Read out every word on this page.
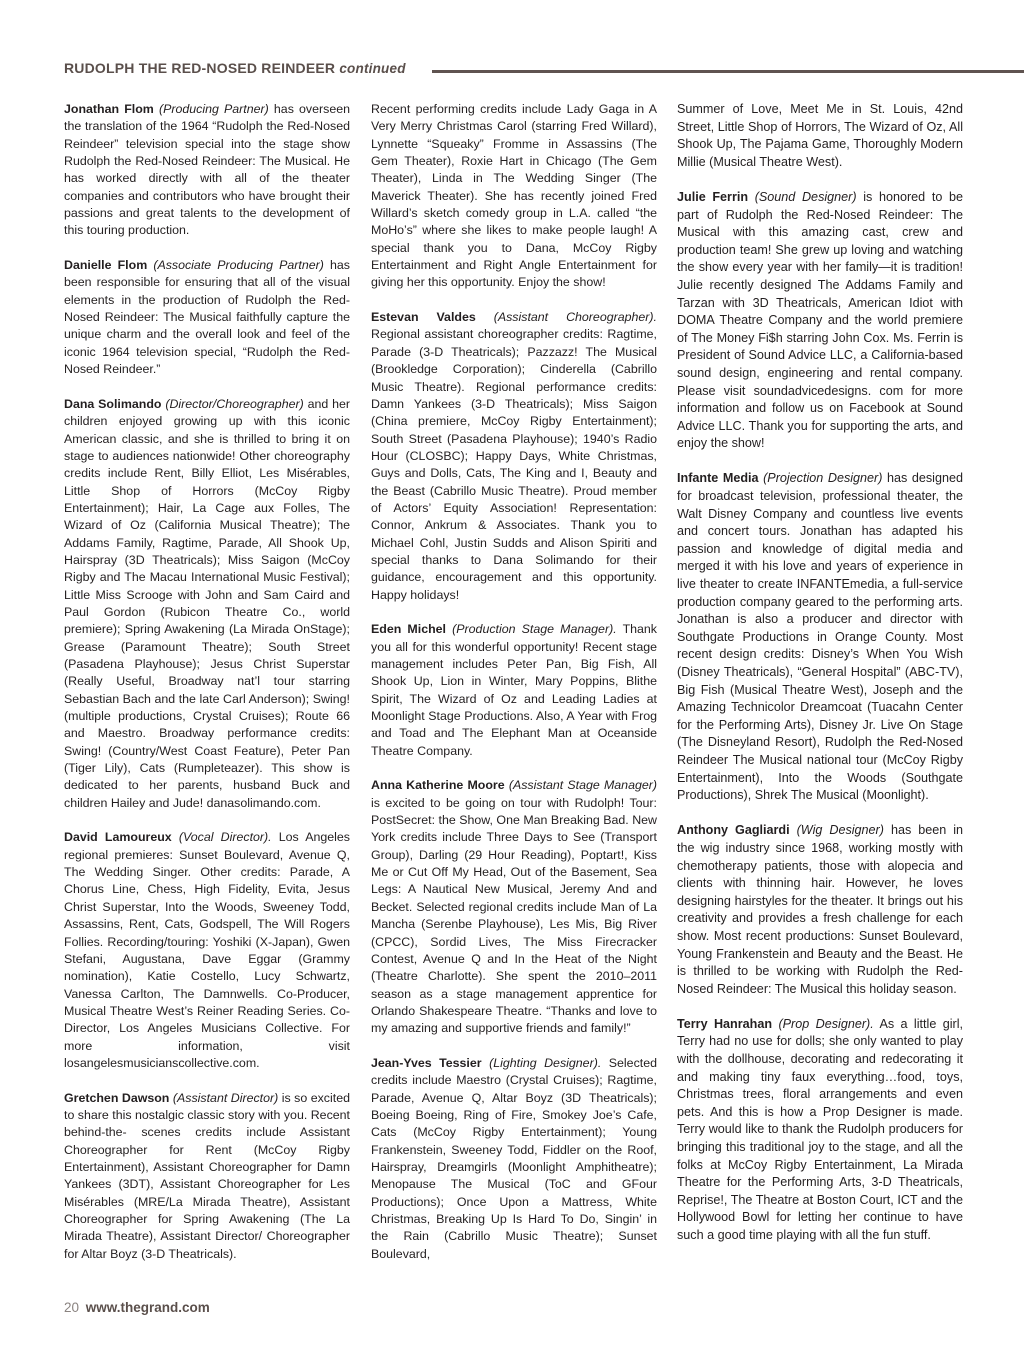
RUDOLPH THE RED-NOSED REINDEER continued

Jonathan Flom (Producing Partner) has overseen the translation of the 1964 “Rudolph the Red-Nosed Reindeer” television special into the stage show Rudolph the Red-Nosed Reindeer: The Musical. He has worked directly with all of the theater companies and contributors who have brought their passions and great talents to the development of this touring production.

Danielle Flom (Associate Producing Partner) has been responsible for ensuring that all of the visual elements in the production of Rudolph the Red-Nosed Reindeer: The Musical faithfully capture the unique charm and the overall look and feel of the iconic 1964 television special, “Rudolph the Red-Nosed Reindeer.”

Dana Solimando (Director/Choreographer) and her children enjoyed growing up with this iconic American classic, and she is thrilled to bring it on stage to audiences nationwide! Other choreography credits include Rent, Billy Elliot, Les Misérables, Little Shop of Horrors (McCoy Rigby Entertainment); Hair, La Cage aux Folles, The Wizard of Oz (California Musical Theatre); The Addams Family, Ragtime, Parade, All Shook Up, Hairspray (3D Theatricals); Miss Saigon (McCoy Rigby and The Macau International Music Festival); Little Miss Scrooge with John and Sam Caird and Paul Gordon (Rubicon Theatre Co., world premiere); Spring Awakening (La Mirada OnStage); Grease (Paramount Theatre); South Street (Pasadena Playhouse); Jesus Christ Superstar (Really Useful, Broadway nat’l tour starring Sebastian Bach and the late Carl Anderson); Swing! (multiple productions, Crystal Cruises); Route 66 and Maestro. Broadway performance credits: Swing! (Country/West Coast Feature), Peter Pan (Tiger Lily), Cats (Rumpleteazer). This show is dedicated to her parents, husband Buck and children Hailey and Jude! danasolimando.com.

David Lamoureux (Vocal Director). Los Angeles regional premieres: Sunset Boulevard, Avenue Q, The Wedding Singer. Other credits: Parade, A Chorus Line, Chess, High Fidelity, Evita, Jesus Christ Superstar, Into the Woods, Sweeney Todd, Assassins, Rent, Cats, Godspell, The Will Rogers Follies. Recording/touring: Yoshiki (X-Japan), Gwen Stefani, Augustana, Dave Eggar (Grammy nomination), Katie Costello, Lucy Schwartz, Vanessa Carlton, The Damnwells. Co-Producer, Musical Theatre West’s Reiner Reading Series. Co-Director, Los Angeles Musicians Collective. For more information, visit losangelesmusicianscollective.com.

Gretchen Dawson (Assistant Director) is so excited to share this nostalgic classic story with you. Recent behind-the- scenes credits include Assistant Choreographer for Rent (McCoy Rigby Entertainment), Assistant Choreographer for Damn Yankees (3DT), Assistant Choreographer for Les Misérables (MRE/La Mirada Theatre), Assistant Choreographer for Spring Awakening (The La Mirada Theatre), Assistant Director/ Choreographer for Altar Boyz (3-D Theatricals).

Recent performing credits include Lady Gaga in A Very Merry Christmas Carol (starring Fred Willard), Lynnette “Squeaky” Fromme in Assassins (The Gem Theater), Roxie Hart in Chicago (The Gem Theater), Linda in The Wedding Singer (The Maverick Theater). She has recently joined Fred Willard’s sketch comedy group in L.A. called “the MoHo’s” where she likes to make people laugh! A special thank you to Dana, McCoy Rigby Entertainment and Right Angle Entertainment for giving her this opportunity. Enjoy the show!

Estevan Valdes (Assistant Choreographer). Regional assistant choreographer credits: Ragtime, Parade (3-D Theatricals); Pazzazz! The Musical (Brookledge Corporation); Cinderella (Cabrillo Music Theatre). Regional performance credits: Damn Yankees (3-D Theatricals); Miss Saigon (China premiere, McCoy Rigby Entertainment); South Street (Pasadena Playhouse); 1940’s Radio Hour (CLOSBC); Happy Days, White Christmas, Guys and Dolls, Cats, The King and I, Beauty and the Beast (Cabrillo Music Theatre). Proud member of Actors’ Equity Association! Representation: Connor, Ankrum & Associates. Thank you to Michael Cohl, Justin Sudds and Alison Spiriti and special thanks to Dana Solimando for their guidance, encouragement and this opportunity. Happy holidays!

Eden Michel (Production Stage Manager). Thank you all for this wonderful opportunity! Recent stage management includes Peter Pan, Big Fish, All Shook Up, Lion in Winter, Mary Poppins, Blithe Spirit, The Wizard of Oz and Leading Ladies at Moonlight Stage Productions. Also, A Year with Frog and Toad and The Elephant Man at Oceanside Theatre Company.

Anna Katherine Moore (Assistant Stage Manager) is excited to be going on tour with Rudolph! Tour: PostSecret: the Show, One Man Breaking Bad. New York credits include Three Days to See (Transport Group), Darling (29 Hour Reading), Poptart!, Kiss Me or Cut Off My Head, Out of the Basement, Sea Legs: A Nautical New Musical, Jeremy And and Becket. Selected regional credits include Man of La Mancha (Serenbe Playhouse), Les Mis, Big River (CPCC), Sordid Lives, The Miss Firecracker Contest, Avenue Q and In the Heat of the Night (Theatre Charlotte). She spent the 2010–2011 season as a stage management apprentice for Orlando Shakespeare Theatre. “Thanks and love to my amazing and supportive friends and family!”

Jean-Yves Tessier (Lighting Designer). Selected credits include Maestro (Crystal Cruises); Ragtime, Parade, Avenue Q, Altar Boyz (3D Theatricals); Boeing Boeing, Ring of Fire, Smokey Joe’s Cafe, Cats (McCoy Rigby Entertainment); Young Frankenstein, Sweeney Todd, Fiddler on the Roof, Hairspray, Dreamgirls (Moonlight Amphitheatre); Menopause The Musical (ToC and GFour Productions); Once Upon a Mattress, White Christmas, Breaking Up Is Hard To Do, Singin’ in the Rain (Cabrillo Music Theatre); Sunset Boulevard,

Summer of Love, Meet Me in St. Louis, 42nd Street, Little Shop of Horrors, The Wizard of Oz, All Shook Up, The Pajama Game, Thoroughly Modern Millie (Musical Theatre West).

Julie Ferrin (Sound Designer) is honored to be part of Rudolph the Red-Nosed Reindeer: The Musical with this amazing cast, crew and production team! She grew up loving and watching the show every year with her family—it is tradition! Julie recently designed The Addams Family and Tarzan with 3D Theatricals, American Idiot with DOMA Theatre Company and the world premiere of The Money Fi$h starring John Cox. Ms. Ferrin is President of Sound Advice LLC, a California-based sound design, engineering and rental company. Please visit soundadvicedesigns. com for more information and follow us on Facebook at Sound Advice LLC. Thank you for supporting the arts, and enjoy the show!

Infante Media (Projection Designer) has designed for broadcast television, professional theater, the Walt Disney Company and countless live events and concert tours. Jonathan has adapted his passion and knowledge of digital media and merged it with his love and years of experience in live theater to create INFANTEmedia, a full-service production company geared to the performing arts. Jonathan is also a producer and director with Southgate Productions in Orange County. Most recent design credits: Disney’s When You Wish (Disney Theatricals), “General Hospital” (ABC-TV), Big Fish (Musical Theatre West), Joseph and the Amazing Technicolor Dreamcoat (Tuacahn Center for the Performing Arts), Disney Jr. Live On Stage (The Disneyland Resort), Rudolph the Red-Nosed Reindeer The Musical national tour (McCoy Rigby Entertainment), Into the Woods (Southgate Productions), Shrek The Musical (Moonlight).

Anthony Gagliardi (Wig Designer) has been in the wig industry since 1968, working mostly with chemotherapy patients, those with alopecia and clients with thinning hair. However, he loves designing hairstyles for the theater. It brings out his creativity and provides a fresh challenge for each show. Most recent productions: Sunset Boulevard, Young Frankenstein and Beauty and the Beast. He is thrilled to be working with Rudolph the Red-Nosed Reindeer: The Musical this holiday season.

Terry Hanrahan (Prop Designer). As a little girl, Terry had no use for dolls; she only wanted to play with the dollhouse, decorating and redecorating it and making tiny faux everything…food, toys, Christmas trees, floral arrangements and even pets. And this is how a Prop Designer is made. Terry would like to thank the Rudolph producers for bringing this traditional joy to the stage, and all the folks at McCoy Rigby Entertainment, La Mirada Theatre for the Performing Arts, 3-D Theatricals, Reprise!, The Theatre at Boston Court, ICT and the Hollywood Bowl for letting her continue to have such a good time playing with all the fun stuff.

20 www.thegrand.com
